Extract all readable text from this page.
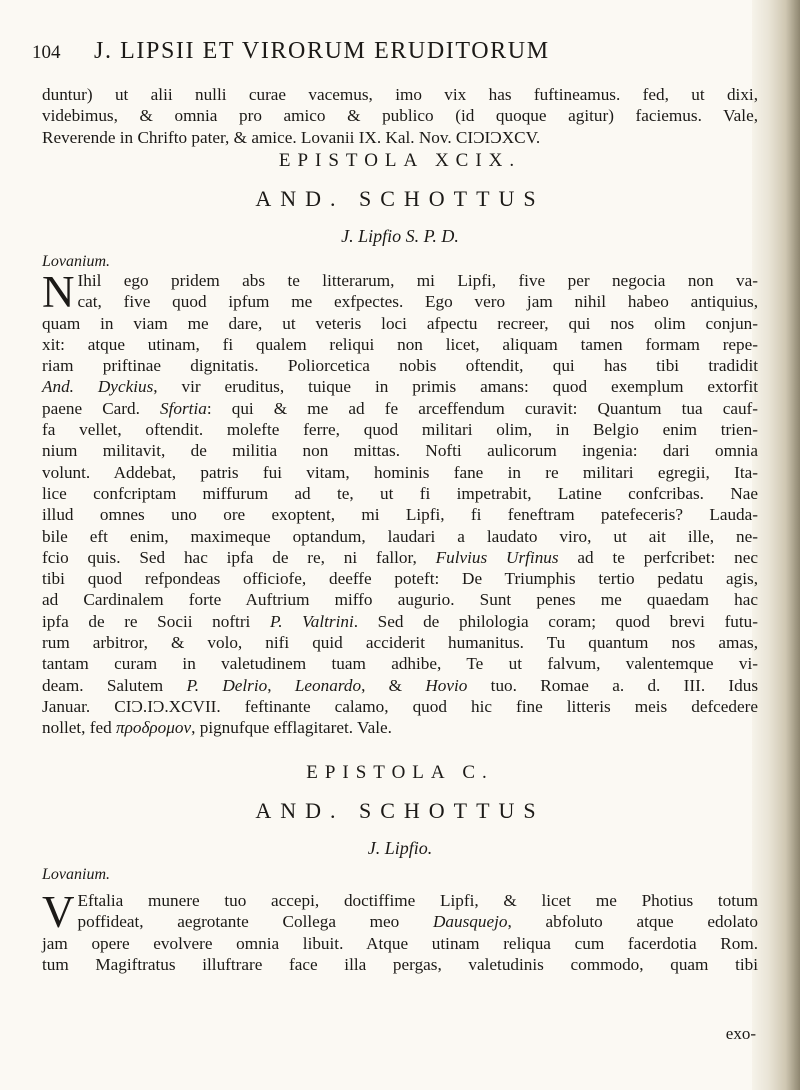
104 J. LIPSII ET VIRORUM ERUDITORUM
duntur) ut alii nulli curae vacemus, imo vix has fuftineamus. fed, ut dixi,
videbimus, & omnia pro amico & publico (id quoque agitur) faciemus. Vale,
Reverende in Chrifto pater, & amice. Lovanii IX. Kal. Nov. CIƆIƆXCV.
EPISTOLA XCIX.
AND. SCHOTTUS
J. Lipfio S. P. D.
Lovanium.
N Ihil ego pridem abs te litterarum, mi Lipfi, five per negocia non va-
cat, five quod ipfum me exfpectes. Ego vero jam nihil habeo antiquius,
quam in viam me dare, ut veteris loci afpectu recreer, qui nos olim conjun-
xit: atque utinam, fi qualem reliqui non licet, aliquam tamen formam repe-
riam priftinae dignitatis. Poliorcetica nobis oftendit, qui has tibi tradidit
And. Dyckius, vir eruditus, tuique in primis amans: quod exemplum extorfit
paene Card. Sfortia: qui & me ad fe arceffendum curavit: Quantum tua cauf-
fa vellet, oftendit. molefte ferre, quod militari olim, in Belgio enim trien-
nium militavit, de militia non mittas. Nofti aulicorum ingenia: dari omnia
volunt. Addebat, patris fui vitam, hominis fane in re militari egregii, Ita-
lice confcriptam miffurum ad te, ut fi impetrabit, Latine confcribas. Nae
illud omnes uno ore exoptent, mi Lipfi, fi feneftram patefeceris? Lauda-
bile eft enim, maximeque optandum, laudari a laudato viro, ut ait ille, ne-
fcio quis. Sed hac ipfa de re, ni fallor, Fulvius Urfinus ad te perfcribet: nec
tibi quod refpondeas officiofe, deeffe poteft: De Triumphis tertio pedatu agis,
ad Cardinalem forte Auftrium miffo augurio. Sunt penes me quaedam hac
ipfa de re Socii noftri P. Valtrini. Sed de philologia coram; quod brevi futu-
rum arbitror, & volo, nifi quid acciderit humanitus. Tu quantum nos amas,
tantam curam in valetudinem tuam adhibe, Te ut falvum, valentemque vi-
deam. Salutem P. Delrio, Leonardo, & Hovio tuo. Romae a. d. III. Idus
Januar. CIƆ.IƆ.XCVII. feftinante calamo, quod hic fine litteris meis defcedere
nollet, fed προδρομον, pignufque efflagitaret. Vale.
EPISTOLA C.
AND. SCHOTTUS
J. Lipfio.
Lovanium.
V Eftalia munere tuo accepi, doctiffime Lipfi, & licet me Photius totum
poffideat, aegrotante Collega meo Dausquejo, abfoluto atque edolato
jam opere evolvere omnia libuit. Atque utinam reliqua cum facerdotia Rom.
tum Magiftratus illuftrare face illa pergas, valetudinis commodo, quam tibi
exo-
